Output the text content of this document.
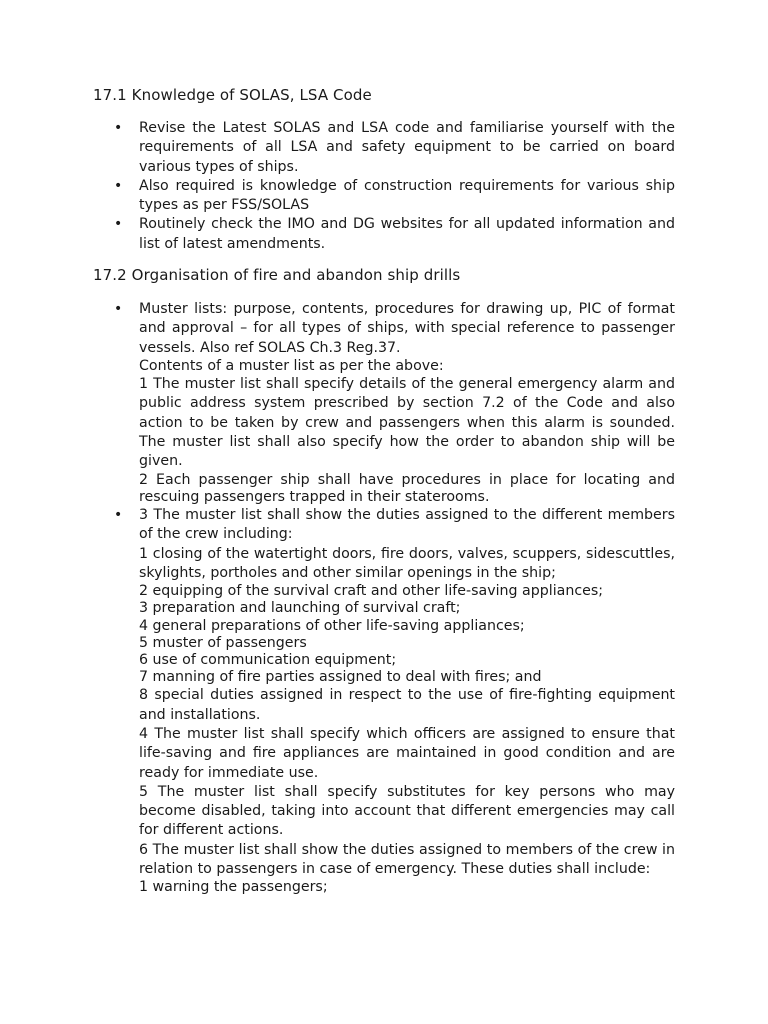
17.1 Knowledge of SOLAS, LSA Code
• Revise the Latest SOLAS and LSA code and familiarise yourself with the requirements of all LSA and safety equipment to be carried on board various types of ships.

• Also required is knowledge of construction requirements for various ship types as per FSS/SOLAS

• Routinely check the IMO and DG websites for all updated information and list of latest amendments.

17.2 Organisation of fire and abandon ship drills
• Muster lists: purpose, contents, procedures for drawing up, PIC of format and approval – for all types of ships, with special reference to passenger vessels. Also ref SOLAS Ch.3 Reg.37.

Contents of a muster list as per the above:

1 The muster list shall specify details of the general emergency alarm and public address system prescribed by section 7.2 of the Code and also action to be taken by crew and passengers when this alarm is sounded. The muster list shall also specify how the order to abandon ship will be given.

2 Each passenger ship shall have procedures in place for locating and rescuing passengers trapped in their staterooms.

• 3 The muster list shall show the duties assigned to the different members of the crew including:

1 closing of the watertight doors, fire doors, valves, scuppers, sidescuttles, skylights, portholes and other similar openings in the ship;

2 equipping of the survival craft and other life-saving appliances;

3 preparation and launching of survival craft;

4 general preparations of other life-saving appliances;

5 muster of passengers

6 use of communication equipment;

7 manning of fire parties assigned to deal with fires; and

8 special duties assigned in respect to the use of fire-fighting equipment and installations.

4 The muster list shall specify which officers are assigned to ensure that life-saving and fire appliances are maintained in good condition and are ready for immediate use.

5 The muster list shall specify substitutes for key persons who may become disabled, taking into account that different emergencies may call for different actions.

6 The muster list shall show the duties assigned to members of the crew in relation to passengers in case of emergency. These duties shall include:

1 warning the passengers;
